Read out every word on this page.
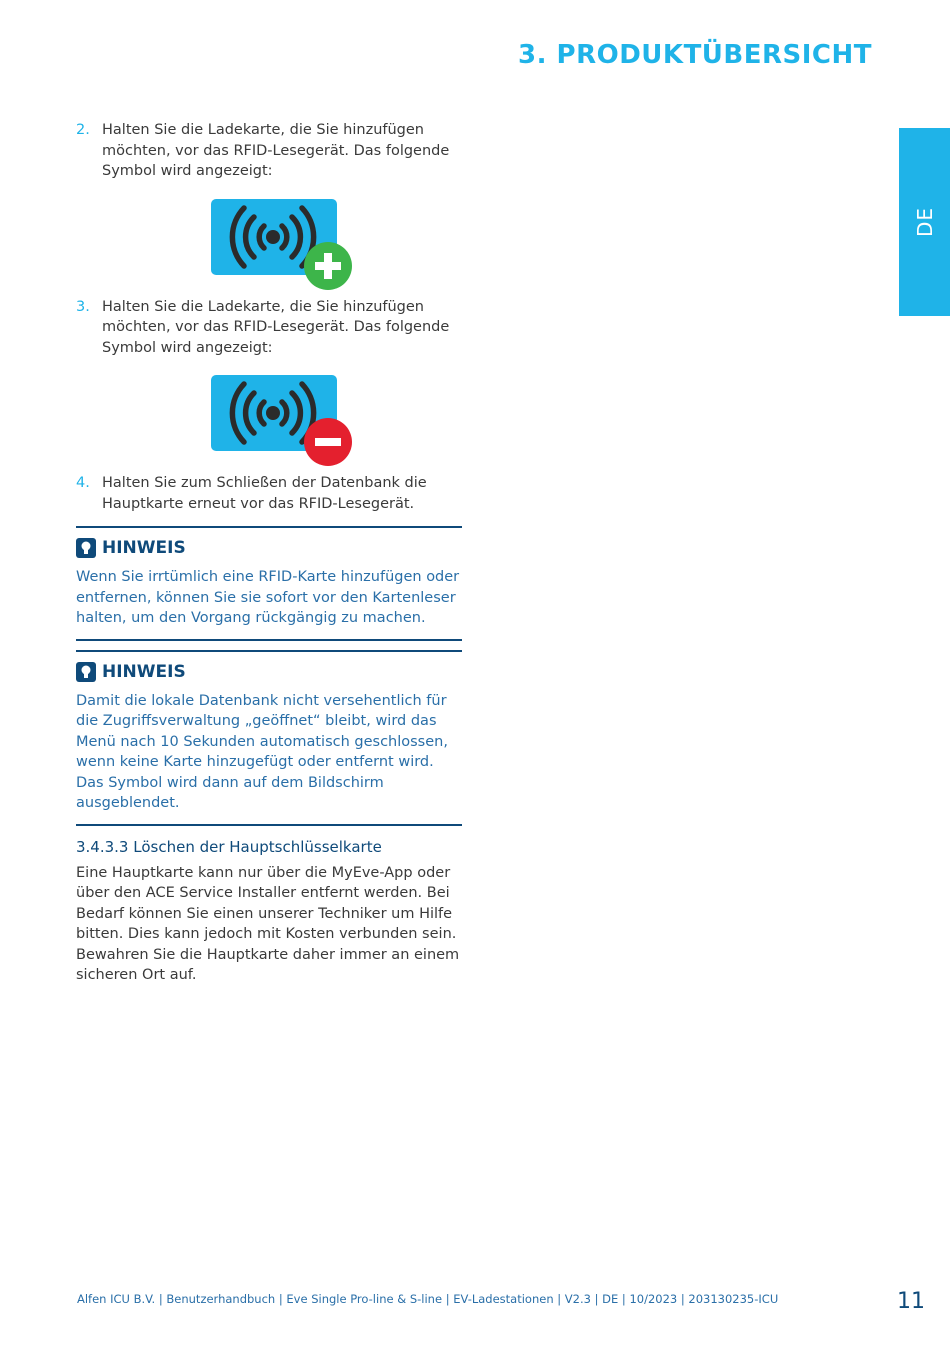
3. PRODUKTÜBERSICHT
DE
2. Halten Sie die Ladekarte, die Sie hinzufügen möchten, vor das RFID-Lesegerät. Das folgende Symbol wird angezeigt:
3. Halten Sie die Ladekarte, die Sie hinzufügen möchten, vor das RFID-Lesegerät. Das folgende Symbol wird angezeigt:
4. Halten Sie zum Schließen der Datenbank die Hauptkarte erneut vor das RFID-Lesegerät.
HINWEIS
Wenn Sie irrtümlich eine RFID-Karte hinzufügen oder entfernen, können Sie sie sofort vor den Kartenleser halten, um den Vorgang rückgängig zu machen.
HINWEIS
Damit die lokale Datenbank nicht versehentlich für die Zugriffsverwaltung „geöffnet“ bleibt, wird das Menü nach 10 Sekunden automatisch geschlossen, wenn keine Karte hinzugefügt oder entfernt wird. Das Symbol wird dann auf dem Bildschirm ausgeblendet.
3.4.3.3 Löschen der Hauptschlüsselkarte
Eine Hauptkarte kann nur über die MyEve-App oder über den ACE Service Installer entfernt werden. Bei Bedarf können Sie einen unserer Techniker um Hilfe bitten. Dies kann jedoch mit Kosten verbunden sein. Bewahren Sie die Hauptkarte daher immer an einem sicheren Ort auf.
Alfen ICU B.V. | Benutzerhandbuch | Eve Single Pro-line & S-line | EV-Ladestationen | V2.3 | DE | 10/2023 | 203130235-ICU	11
